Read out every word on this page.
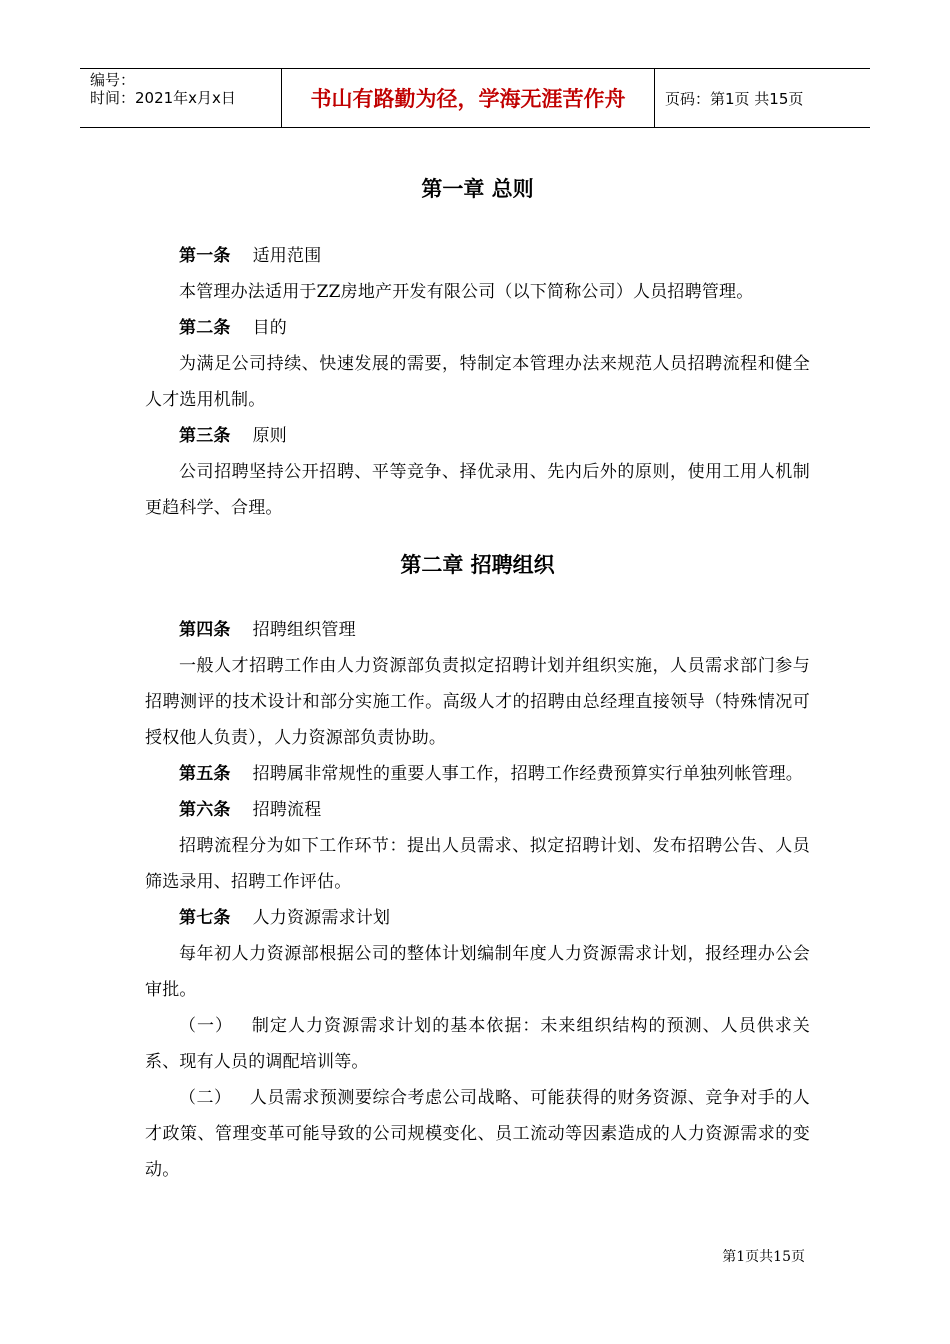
编号：
时间：2021年x月x日	书山有路勤为径，学海无涯苦作舟	页码：第1页 共15页
第一章 总则

第一条 适用范围

本管理办法适用于ZZ房地产开发有限公司（以下简称公司）人员招聘管理。

第二条 目的

为满足公司持续、快速发展的需要，特制定本管理办法来规范人员招聘流程和健全人才选用机制。

第三条 原则

公司招聘坚持公开招聘、平等竞争、择优录用、先内后外的原则，使用工用人机制更趋科学、合理。

第二章 招聘组织

第四条 招聘组织管理

一般人才招聘工作由人力资源部负责拟定招聘计划并组织实施，人员需求部门参与招聘测评的技术设计和部分实施工作。高级人才的招聘由总经理直接领导（特殊情况可授权他人负责），人力资源部负责协助。

第五条 招聘属非常规性的重要人事工作，招聘工作经费预算实行单独列帐管理。

第六条 招聘流程

招聘流程分为如下工作环节：提出人员需求、拟定招聘计划、发布招聘公告、人员筛选录用、招聘工作评估。

第七条 人力资源需求计划

每年初人力资源部根据公司的整体计划编制年度人力资源需求计划，报经理办公会审批。

（一） 制定人力资源需求计划的基本依据：未来组织结构的预测、人员供求关系、现有人员的调配培训等。

（二） 人员需求预测要综合考虑公司战略、可能获得的财务资源、竞争对手的人才政策、管理变革可能导致的公司规模变化、员工流动等因素造成的人力资源需求的变动。

第1页共15页
